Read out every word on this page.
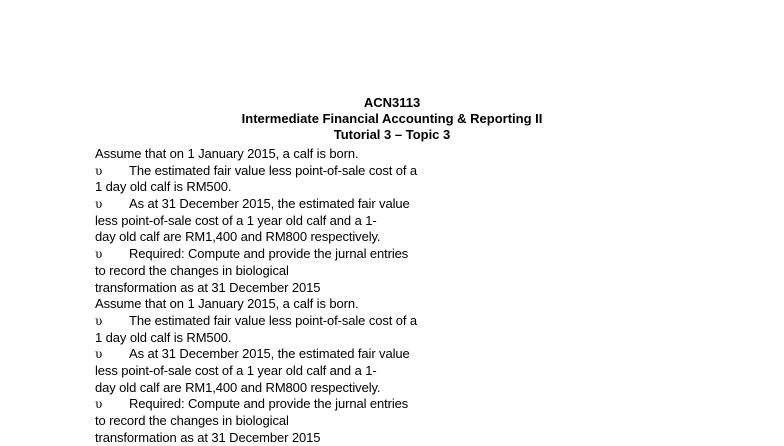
ACN3113
Intermediate Financial Accounting & Reporting II
Tutorial 3 – Topic 3
Assume that on 1 January 2015, a calf is born.
υ The estimated fair value less point-of-sale cost of a
1 day old calf is RM500.
υ As at 31 December 2015, the estimated fair value
less point-of-sale cost of a 1 year old calf and a 1-
day old calf are RM1,400 and RM800 respectively.
υ Required: Compute and provide the jurnal entries
to record the changes in biological
transformation as at 31 December 2015
Assume that on 1 January 2015, a calf is born.
υ The estimated fair value less point-of-sale cost of a
1 day old calf is RM500.
υ As at 31 December 2015, the estimated fair value
less point-of-sale cost of a 1 year old calf and a 1-
day old calf are RM1,400 and RM800 respectively.
υ Required: Compute and provide the jurnal entries
to record the changes in biological
transformation as at 31 December 2015
